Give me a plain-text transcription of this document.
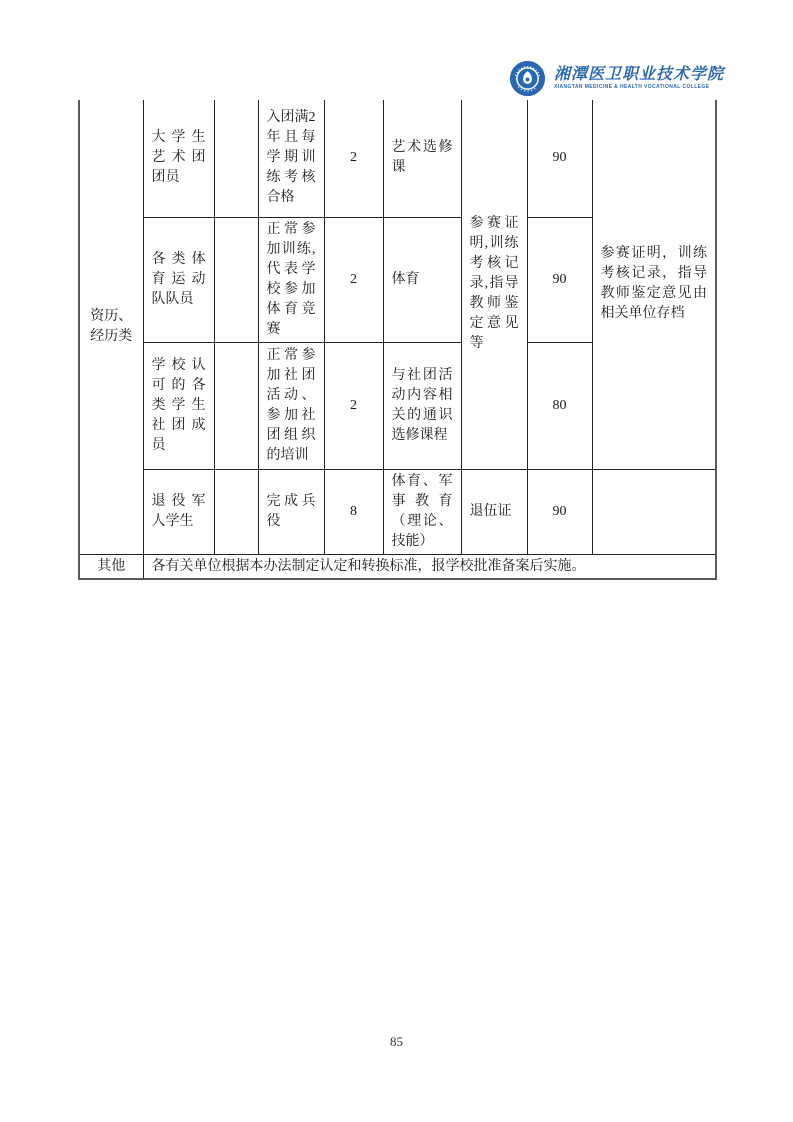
湘潭医卫职业技术学院
XIANGTAN MEDICINE & HEALTH VOCATIONAL COLLEGE
资历、经历类	大学生艺术团团员		入团满2年且每学期训练考核合格	2	艺术选修课	参赛证明,训练考核记录,指导教师鉴定意见等	90	参赛证明，训练考核记录，指导教师鉴定意见由相关单位存档
	各类体育运动队队员		正常参加训练,代表学校参加体育竞赛	2	体育		90	
	学校认可的各类学生社团成员		正常参加社团活动、参加社团组织的培训	2	与社团活动内容相关的通识选修课程		80	
	退役军人学生		完成兵役	8	体育、军事教育（理论、技能）	退伍证	90	
其他	各有关单位根据本办法制定认定和转换标准，报学校批准备案后实施。							
85
